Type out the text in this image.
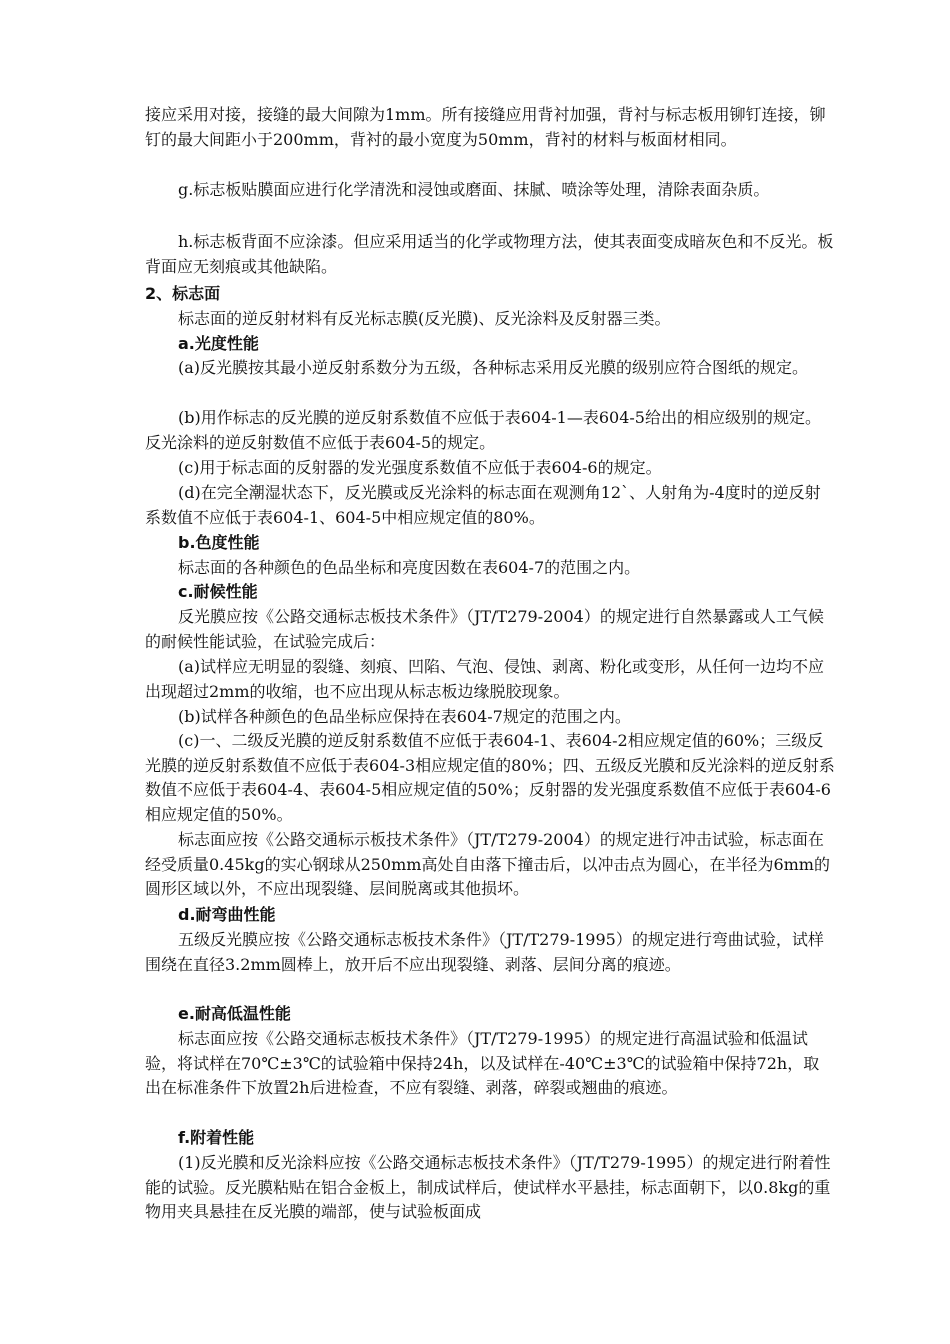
接应采用对接，接缝的最大间隙为1mm。所有接缝应用背衬加强，背衬与标志板用铆钉连接，铆钉的最大间距小于200mm，背衬的最小宽度为50mm，背衬的材料与板面材相同。

g.标志板贴膜面应进行化学清洗和浸蚀或磨面、抹腻、喷涂等处理，清除表面杂质。

h.标志板背面不应涂漆。但应采用适当的化学或物理方法，使其表面变成暗灰色和不反光。板背面应无刻痕或其他缺陷。

2、标志面

标志面的逆反射材料有反光标志膜(反光膜)、反光涂料及反射器三类。

a.光度性能

(a)反光膜按其最小逆反射系数分为五级，各种标志采用反光膜的级别应符合图纸的规定。

(b)用作标志的反光膜的逆反射系数值不应低于表604-1—表604-5给出的相应级别的规定。反光涂料的逆反射数值不应低于表604-5的规定。

(c)用于标志面的反射器的发光强度系数值不应低于表604-6的规定。

(d)在完全潮湿状态下，反光膜或反光涂料的标志面在观测角12`、人射角为-4度时的逆反射系数值不应低于表604-1、604-5中相应规定值的80%。

b.色度性能

标志面的各种颜色的色品坐标和亮度因数在表604-7的范围之内。

c.耐候性能

反光膜应按《公路交通标志板技术条件》（JT/T279-2004）的规定进行自然暴露或人工气候的耐候性能试验，在试验完成后：

(a)试样应无明显的裂缝、刻痕、凹陷、气泡、侵蚀、剥离、粉化或变形，从任何一边均不应出现超过2mm的收缩，也不应出现从标志板边缘脱胶现象。

(b)试样各种颜色的色品坐标应保持在表604-7规定的范围之内。

(c)一、二级反光膜的逆反射系数值不应低于表604-1、表604-2相应规定值的60%；三级反光膜的逆反射系数值不应低于表604-3相应规定值的80%；四、五级反光膜和反光涂料的逆反射系数值不应低于表604-4、表604-5相应规定值的50%；反射器的发光强度系数值不应低于表604-6相应规定值的50%。

标志面应按《公路交通标示板技术条件》（JT/T279-2004）的规定进行冲击试验，标志面在经受质量0.45kg的实心钢球从250mm高处自由落下撞击后，以冲击点为圆心，在半径为6mm的圆形区域以外，不应出现裂缝、层间脱离或其他损坏。

d.耐弯曲性能

五级反光膜应按《公路交通标志板技术条件》（JT/T279-1995）的规定进行弯曲试验，试样围绕在直径3.2mm圆棒上，放开后不应出现裂缝、剥落、层间分离的痕迹。

e.耐高低温性能

标志面应按《公路交通标志板技术条件》（JT/T279-1995）的规定进行高温试验和低温试验，将试样在70℃±3℃的试验箱中保持24h，以及试样在-40℃±3℃的试验箱中保持72h，取出在标准条件下放置2h后进检查，不应有裂缝、剥落，碎裂或翘曲的痕迹。

f.附着性能

(1)反光膜和反光涂料应按《公路交通标志板技术条件》（JT/T279-1995）的规定进行附着性能的试验。反光膜粘贴在铝合金板上，制成试样后，使试样水平悬挂，标志面朝下，以0.8kg的重物用夹具悬挂在反光膜的端部，使与试验板面成
